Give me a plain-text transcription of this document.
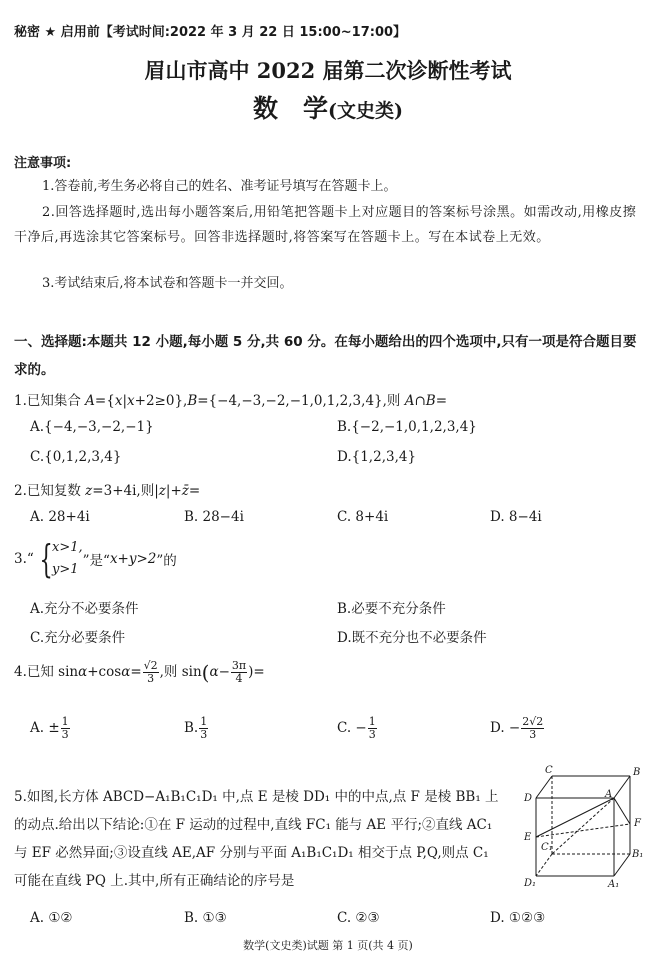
秘密 ★ 启用前【考试时间:2022 年 3 月 22 日 15:00~17:00】
眉山市高中 2022 届第二次诊断性考试
数　学(文史类)
注意事项:
1.答卷前,考生务必将自己的姓名、准考证号填写在答题卡上。
2.回答选择题时,选出每小题答案后,用铅笔把答题卡上对应题目的答案标号涂黑。如需改动,用橡皮擦干净后,再选涂其它答案标号。回答非选择题时,将答案写在答题卡上。写在本试卷上无效。
3.考试结束后,将本试卷和答题卡一并交回。
一、选择题:本题共 12 小题,每小题 5 分,共 60 分。在每小题给出的四个选项中,只有一项是符合题目要求的。
1.已知集合 A={x|x+2≥0},B={−4,−3,−2,−1,0,1,2,3,4},则 A∩B=
A.{−4,−3,−2,−1}	B.{−2,−1,0,1,2,3,4}
C.{0,1,2,3,4}	D.{1,2,3,4}
2.已知复数 z=3+4i,则|z|+z̄=
A. 28+4i	B. 28−4i	C. 8+4i	D. 8−4i
3.“ { x>1,
y>1
”是“x+y>2”的
A.充分不必要条件	B.必要不充分条件
C.充分必要条件	D.既不充分也不必要条件
4.已知 $\sin\alpha+\cos\alpha= \frac{√2}{3}$ ,则 $\sin(\alpha- \frac{3\pi}{4}$ )=
A. ± $\frac{1}{3}$	B. $\frac{1}{3}$	C. − $\frac{1}{3}$	D. − $\frac{2√2}{3}$
5.如图,长方体 ABCD−A₁B₁C₁D₁ 中,点 E 是棱 DD₁ 中的中点,点 F 是棱 BB₁ 上的动点.给出以下结论:①在 F 运动的过程中,直线 FC₁ 能与 AE 平行;②直线 AC₁ 与 EF 必然异面;③设直线 AE,AF 分别与平面 A₁B₁C₁D₁ 相交于点 P,Q,则点 C₁ 可能在直线 PQ 上.其中,所有正确结论的序号是
A. ①②	B. ①③	C. ②③	D. ①②③
C	B
D	A
E
F
C₁
B₁
D₁	A₁
数学(文史类)试题 第 1 页(共 4 页)
